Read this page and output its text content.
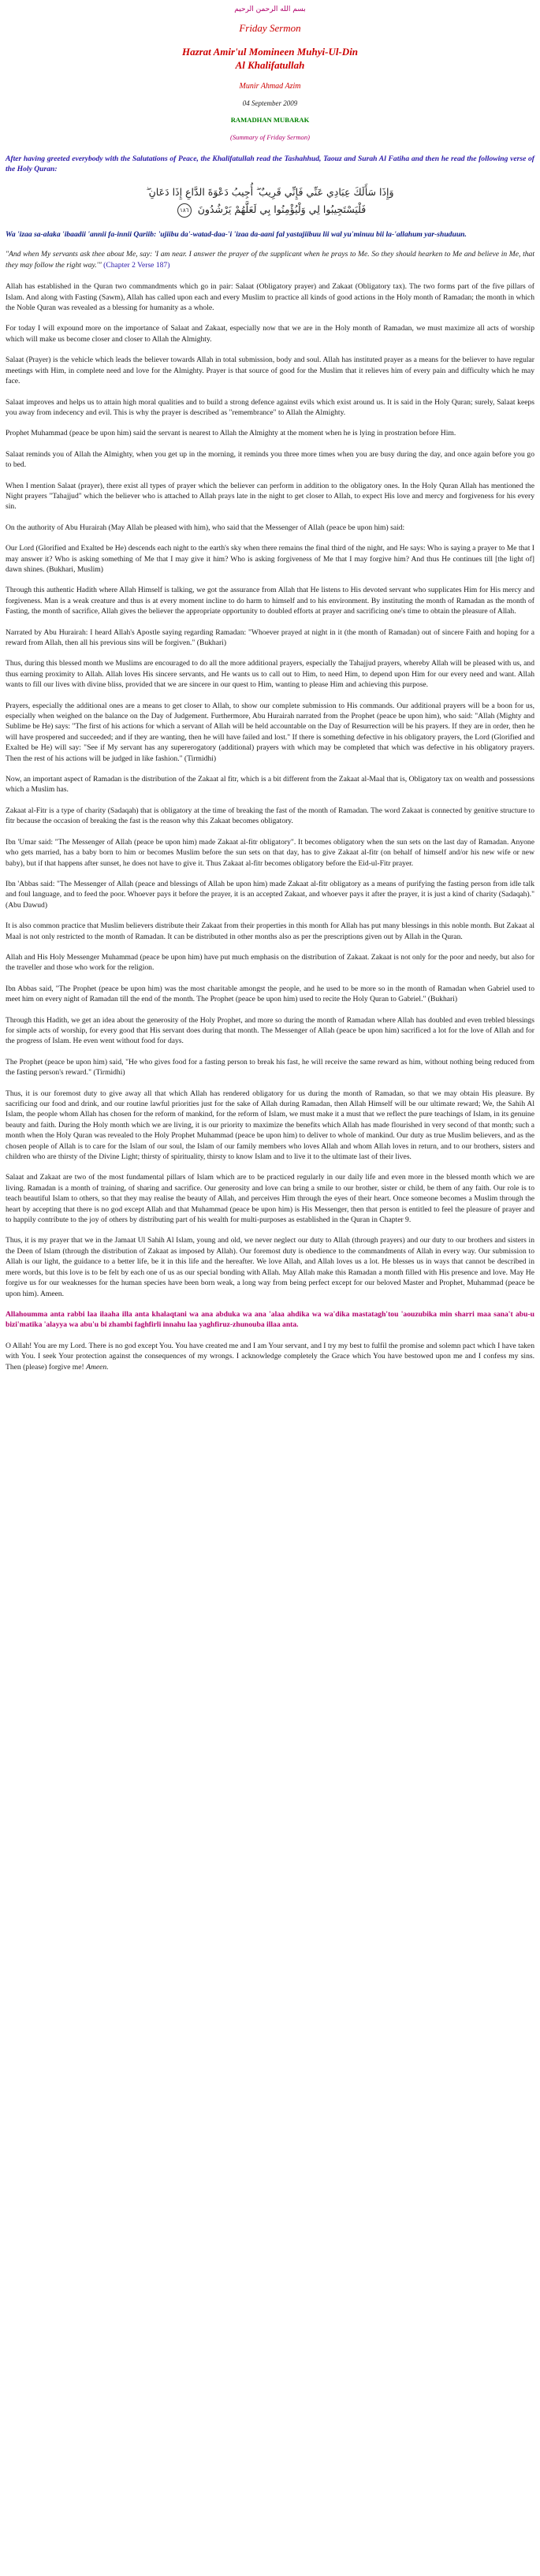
بسم الله الرحمن الرحيم
Friday Sermon
Hazrat Amir'ul Momineen Muhyi-Ul-Din
Al Khalifatullah
Munir Ahmad Azim
04 September 2009
RAMADHAN MUBARAK
(Summary of Friday Sermon)
After having greeted everybody with the Salutations of Peace, the Khalifatullah read the Tashahhud, Taouz and Surah Al Fatiha and then he read the following verse of the Holy Quran:
وَإِذَا سَأَلَكَ عِبَادِي عَنِّي فَإِنِّي قَرِيبٌ ۖ أُجِيبُ دَعْوَةَ الدَّاعِ إِذَا دَعَانِ ۖ
فَلْيَسْتَجِيبُوا لِي وَلْيُؤْمِنُوا بِي لَعَلَّهُمْ يَرْشُدُونَ ١٨٦
Wa 'izaa sa-alaka 'ibaadii 'annii fa-innii Qariib: 'ujiibu da'-watad-daa-'i 'izaa da-aani fal yastajiibuu lii wal yu'minuu bii la-'allahum yar-shuduun.
"And when My servants ask thee about Me, say: 'I am near. I answer the prayer of the supplicant when he prays to Me. So they should hearken to Me and believe in Me, that they may follow the right way.'" (Chapter 2 Verse 187)

Allah has established in the Quran two commandments which go in pair: Salaat (Obligatory prayer) and Zakaat (Obligatory tax). The two forms part of the five pillars of Islam. And along with Fasting (Sawm), Allah has called upon each and every Muslim to practice all kinds of good actions in the Holy month of Ramadan; the month in which the Noble Quran was revealed as a blessing for humanity as a whole.

For today I will expound more on the importance of Salaat and Zakaat, especially now that we are in the Holy month of Ramadan, we must maximize all acts of worship which will make us become closer and closer to Allah the Almighty.

Salaat (Prayer) is the vehicle which leads the believer towards Allah in total submission, body and soul. Allah has instituted prayer as a means for the believer to have regular meetings with Him, in complete need and love for the Almighty. Prayer is that source of good for the Muslim that it relieves him of every pain and difficulty which he may face.

Salaat improves and helps us to attain high moral qualities and to build a strong defence against evils which exist around us. It is said in the Holy Quran; surely, Salaat keeps you away from indecency and evil. This is why the prayer is described as "remembrance" to Allah the Almighty.

Prophet Muhammad (peace be upon him) said the servant is nearest to Allah the Almighty at the moment when he is lying in prostration before Him.

Salaat reminds you of Allah the Almighty, when you get up in the morning, it reminds you three more times when you are busy during the day, and once again before you go to bed.

When I mention Salaat (prayer), there exist all types of prayer which the believer can perform in addition to the obligatory ones. In the Holy Quran Allah has mentioned the Night prayers "Tahajjud" which the believer who is attached to Allah prays late in the night to get closer to Allah, to expect His love and mercy and forgiveness for his every sin.

On the authority of Abu Hurairah (May Allah be pleased with him), who said that the Messenger of Allah (peace be upon him) said:

Our Lord (Glorified and Exalted be He) descends each night to the earth's sky when there remains the final third of the night, and He says: Who is saying a prayer to Me that I may answer it? Who is asking something of Me that I may give it him? Who is asking forgiveness of Me that I may forgive him? And thus He continues till [the light of] dawn shines. (Bukhari, Muslim)

Through this authentic Hadith where Allah Himself is talking, we got the assurance from Allah that He listens to His devoted servant who supplicates Him for His mercy and forgiveness. Man is a weak creature and thus is at every moment incline to do harm to himself and to his environment. By instituting the month of Ramadan as the month of Fasting, the month of sacrifice, Allah gives the believer the appropriate opportunity to doubled efforts at prayer and sacrificing one's time to obtain the pleasure of Allah.

Narrated by Abu Hurairah: I heard Allah's Apostle saying regarding Ramadan: "Whoever prayed at night in it (the month of Ramadan) out of sincere Faith and hoping for a reward from Allah, then all his previous sins will be forgiven." (Bukhari)

Thus, during this blessed month we Muslims are encouraged to do all the more additional prayers, especially the Tahajjud prayers, whereby Allah will be pleased with us, and thus earning proximity to Allah. Allah loves His sincere servants, and He wants us to call out to Him, to need Him, to depend upon Him for our every need and want. Allah wants to fill our lives with divine bliss, provided that we are sincere in our quest to Him, wanting to please Him and achieving this purpose.

Prayers, especially the additional ones are a means to get closer to Allah, to show our complete submission to His commands. Our additional prayers will be a boon for us, especially when weighed on the balance on the Day of Judgement. Furthermore, Abu Hurairah narrated from the Prophet (peace be upon him), who said: "Allah (Mighty and Sublime be He) says: "The first of his actions for which a servant of Allah will be held accountable on the Day of Resurrection will be his prayers. If they are in order, then he will have prospered and succeeded; and if they are wanting, then he will have failed and lost." If there is something defective in his obligatory prayers, the Lord (Glorified and Exalted be He) will say: "See if My servant has any supererogatory (additional) prayers with which may be completed that which was defective in his obligatory prayers. Then the rest of his actions will be judged in like fashion." (Tirmidhi)

Now, an important aspect of Ramadan is the distribution of the Zakaat al fitr, which is a bit different from the Zakaat al-Maal that is, Obligatory tax on wealth and possessions which a Muslim has.

Zakaat al-Fitr is a type of charity (Sadaqah) that is obligatory at the time of breaking the fast of the month of Ramadan. The word Zakaat is connected by genitive structure to fitr because the occasion of breaking the fast is the reason why this Zakaat becomes obligatory.

Ibn 'Umar said: "The Messenger of Allah (peace be upon him) made Zakaat al-fitr obligatory". It becomes obligatory when the sun sets on the last day of Ramadan. Anyone who gets married, has a baby born to him or becomes Muslim before the sun sets on that day, has to give Zakaat al-fitr (on behalf of himself and/or his new wife or new baby), but if that happens after sunset, he does not have to give it. Thus Zakaat al-fitr becomes obligatory before the Eid-ul-Fitr prayer.

Ibn 'Abbas said: "The Messenger of Allah (peace and blessings of Allah be upon him) made Zakaat al-fitr obligatory as a means of purifying the fasting person from idle talk and foul language, and to feed the poor. Whoever pays it before the prayer, it is an accepted Zakaat, and whoever pays it after the prayer, it is just a kind of charity (Sadaqah)." (Abu Dawud)

It is also common practice that Muslim believers distribute their Zakaat from their properties in this month for Allah has put many blessings in this noble month. But Zakaat al Maal is not only restricted to the month of Ramadan. It can be distributed in other months also as per the prescriptions given out by Allah in the Quran.

Allah and His Holy Messenger Muhammad (peace be upon him) have put much emphasis on the distribution of Zakaat. Zakaat is not only for the poor and needy, but also for the traveller and those who work for the religion.

Ibn Abbas said, "The Prophet (peace be upon him) was the most charitable amongst the people, and he used to be more so in the month of Ramadan when Gabriel used to meet him on every night of Ramadan till the end of the month. The Prophet (peace be upon him) used to recite the Holy Quran to Gabriel." (Bukhari)

Through this Hadith, we get an idea about the generosity of the Holy Prophet, and more so during the month of Ramadan where Allah has doubled and even trebled blessings for simple acts of worship, for every good that His servant does during that month. The Messenger of Allah (peace be upon him) sacrificed a lot for the love of Allah and for the progress of Islam. He even went without food for days.

The Prophet (peace be upon him) said, "He who gives food for a fasting person to break his fast, he will receive the same reward as him, without nothing being reduced from the fasting person's reward." (Tirmidhi)

Thus, it is our foremost duty to give away all that which Allah has rendered obligatory for us during the month of Ramadan, so that we may obtain His pleasure. By sacrificing our food and drink, and our routine lawful priorities just for the sake of Allah during Ramadan, then Allah Himself will be our ultimate reward; We, the Sahih Al Islam, the people whom Allah has chosen for the reform of mankind, for the reform of Islam, we must make it a must that we reflect the pure teachings of Islam, in its genuine beauty and faith. During the Holy month which we are living, it is our priority to maximize the benefits which Allah has made flourished in very second of that month; such a month when the Holy Quran was revealed to the Holy Prophet Muhammad (peace be upon him) to deliver to whole of mankind. Our duty as true Muslim believers, and as the chosen people of Allah is to care for the Islam of our soul, the Islam of our family members who loves Allah and whom Allah loves in return, and to our brothers, sisters and children who are thirsty of the Divine Light; thirsty of spirituality, thirsty to know Islam and to live it to the ultimate last of their lives.

Salaat and Zakaat are two of the most fundamental pillars of Islam which are to be practiced regularly in our daily life and even more in the blessed month which we are living. Ramadan is a month of training, of sharing and sacrifice. Our generosity and love can bring a smile to our brother, sister or child, be them of any faith. Our role is to teach beautiful Islam to others, so that they may realise the beauty of Allah, and perceives Him through the eyes of their heart. Once someone becomes a Muslim through the heart by accepting that there is no god except Allah and that Muhammad (peace be upon him) is His Messenger, then that person is entitled to feel the pleasure of prayer and to happily contribute to the joy of others by distributing part of his wealth for multi-purposes as established in the Quran in Chapter 9.

Thus, it is my prayer that we in the Jamaat Ul Sahih Al Islam, young and old, we never neglect our duty to Allah (through prayers) and our duty to our brothers and sisters in the Deen of Islam (through the distribution of Zakaat as imposed by Allah). Our foremost duty is obedience to the commandments of Allah in every way. Our submission to Allah is our light, the guidance to a better life, be it in this life and the hereafter. We love Allah, and Allah loves us a lot. He blesses us in ways that cannot be described in mere words, but this love is to be felt by each one of us as our special bonding with Allah. May Allah make this Ramadan a month filled with His presence and love. May He forgive us for our weaknesses for the human species have been born weak, a long way from being perfect except for our beloved Master and Prophet, Muhammad (peace be upon him). Ameen.

Allahoumma anta rabbi laa ilaaha illa anta khalaqtani wa ana abduka wa ana 'alaa ahdika wa wa'dika mastatagh'tou 'aouzubika min sharri maa sana't abu-u bizi'matika 'alayya wa abu'u bi zhambi faghfirli innahu laa yaghfiruz-zhunouba illaa anta.
O Allah! You are my Lord. There is no god except You. You have created me and I am Your servant, and I try my best to fulfil the promise and solemn pact which I have taken with You. I seek Your protection against the consequences of my wrongs. I acknowledge completely the Grace which You have bestowed upon me and I confess my sins. Then (please) forgive me! Ameen.
